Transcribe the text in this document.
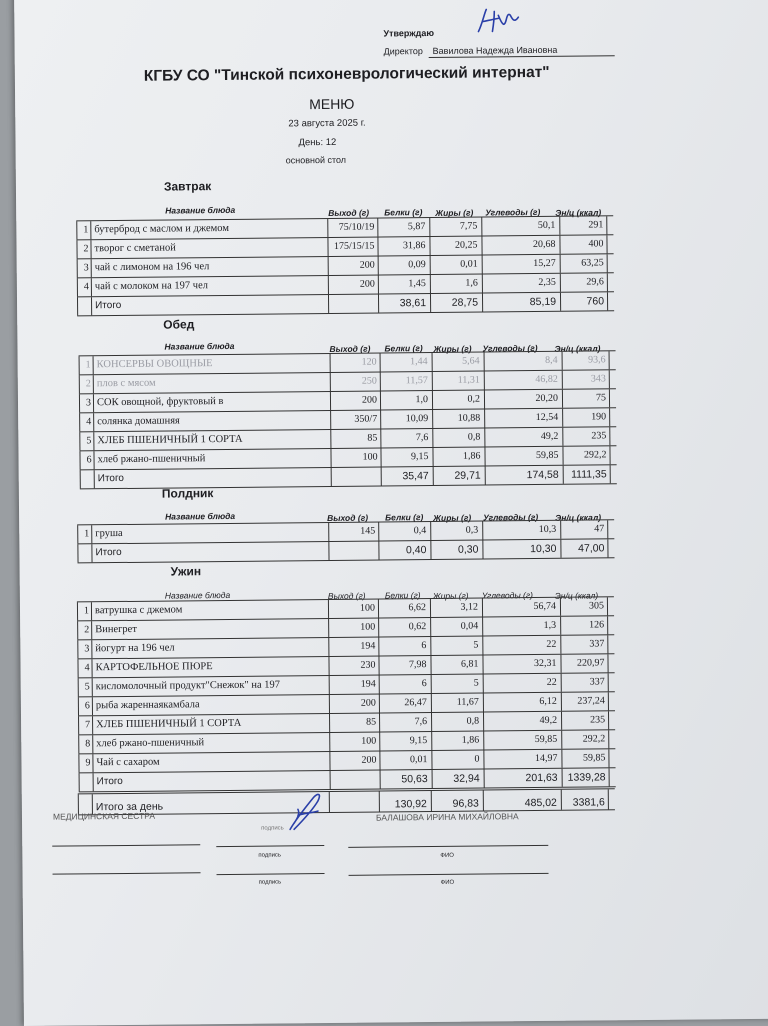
Утверждаю
Директор Вавилова Надежда Ивановна
КГБУ СО "Тинской психоневрологический интернат"
МЕНЮ
23 августа 2025 г.
День: 12
основной стол
Завтрак
Название блюда	Выход (г) Белки (г) Жиры (г) Углеводы (г) Эн/ц (ккал)
1 бутерброд с маслом и джемом	75/10/19	5,87	7,75	50,1	291
2 творог с сметаной	175/15/15	31,86	20,25	20,68	400
3 чай с лимоном на 196 чел	200	0,09	0,01	15,27	63,25
4 чай с молоком на 197 чел	200	1,45	1,6	2,35	29,6
Итого	38,61	28,75	85,19	760
Обед
Название блюда	Выход (г) Белки (г) Жиры (г) Углеводы (г) Эн/ц (ккал)
1 КОНСЕРВЫ ОВОЩНЫЕ	120	1,44	5,64	8,4	93,6
2 плов с мясом	250	11,57	11,31	46,82	343
3 СОК овощной, фруктовый в	200	1,0	0,2	20,20	75
4 солянка домашняя	350/7	10,09	10,88	12,54	190
5 ХЛЕБ ПШЕНИЧНЫЙ 1 СОРТА	85	7,6	0,8	49,2	235
6 хлеб ржано-пшеничный	100	9,15	1,86	59,85	292,2
Итого	35,47	29,71	174,58	1111,35
Полдник
Название блюда	Выход (г) Белки (г) Жиры (г) Углеводы (г) Эн/ц (ккал)
1 груша	145	0,4	0,3	10,3	47
Итого	0,40	0,30	10,30	47,00
Ужин
Название блюда	Выход (г) Белки (г) Жиры (г) Углеводы (г)	Эн/ц (ккал)
1 ватрушка с джемом	100	6,62	3,12	56,74	305
2 Винегрет	100	0,62	0,04	1,3	126
3 йогурт на 196 чел	194	6	5	22	337
4 КАРТОФЕЛЬНОЕ ПЮРЕ	230	7,98	6,81	32,31	220,97
5 кисломолочный продукт"Снежок" на 197	194	6	5	22	337
6 рыба жареннаякамбала	200	26,47	11,67	6,12	237,24
7 ХЛЕБ ПШЕНИЧНЫЙ 1 СОРТА	85	7,6	0,8	49,2	235
8 хлеб ржано-пшеничный	100	9,15	1,86	59,85	292,2
9 Чай с сахаром	200	0,01	0	14,97	59,85
Итого	50,63	32,94	201,63 1339,28
Итого за день	130,92	96,83	485,02	3381,6
МЕДИЦИНСКАЯ СЕСТРА	БАЛАШОВА ИРИНА МИХАЙЛОВНА
подпись
подпись	ФИО
подпись	ФИО
